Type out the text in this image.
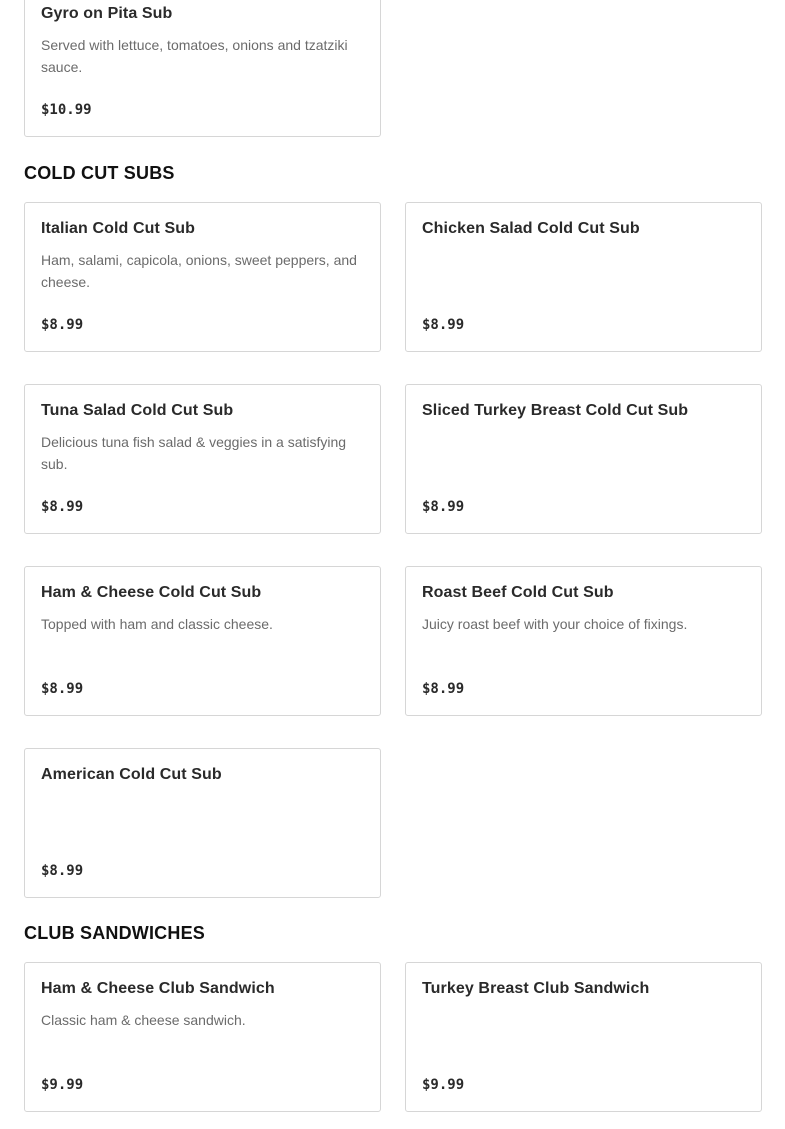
Gyro on Pita Sub
Served with lettuce, tomatoes, onions and tzatziki sauce.
$10.99
COLD CUT SUBS
Italian Cold Cut Sub
Ham, salami, capicola, onions, sweet peppers, and cheese.
$8.99
Chicken Salad Cold Cut Sub
$8.99
Tuna Salad Cold Cut Sub
Delicious tuna fish salad & veggies in a satisfying sub.
$8.99
Sliced Turkey Breast Cold Cut Sub
$8.99
Ham & Cheese Cold Cut Sub
Topped with ham and classic cheese.
$8.99
Roast Beef Cold Cut Sub
Juicy roast beef with your choice of fixings.
$8.99
American Cold Cut Sub
$8.99
CLUB SANDWICHES
Ham & Cheese Club Sandwich
Classic ham & cheese sandwich.
$9.99
Turkey Breast Club Sandwich
$9.99
